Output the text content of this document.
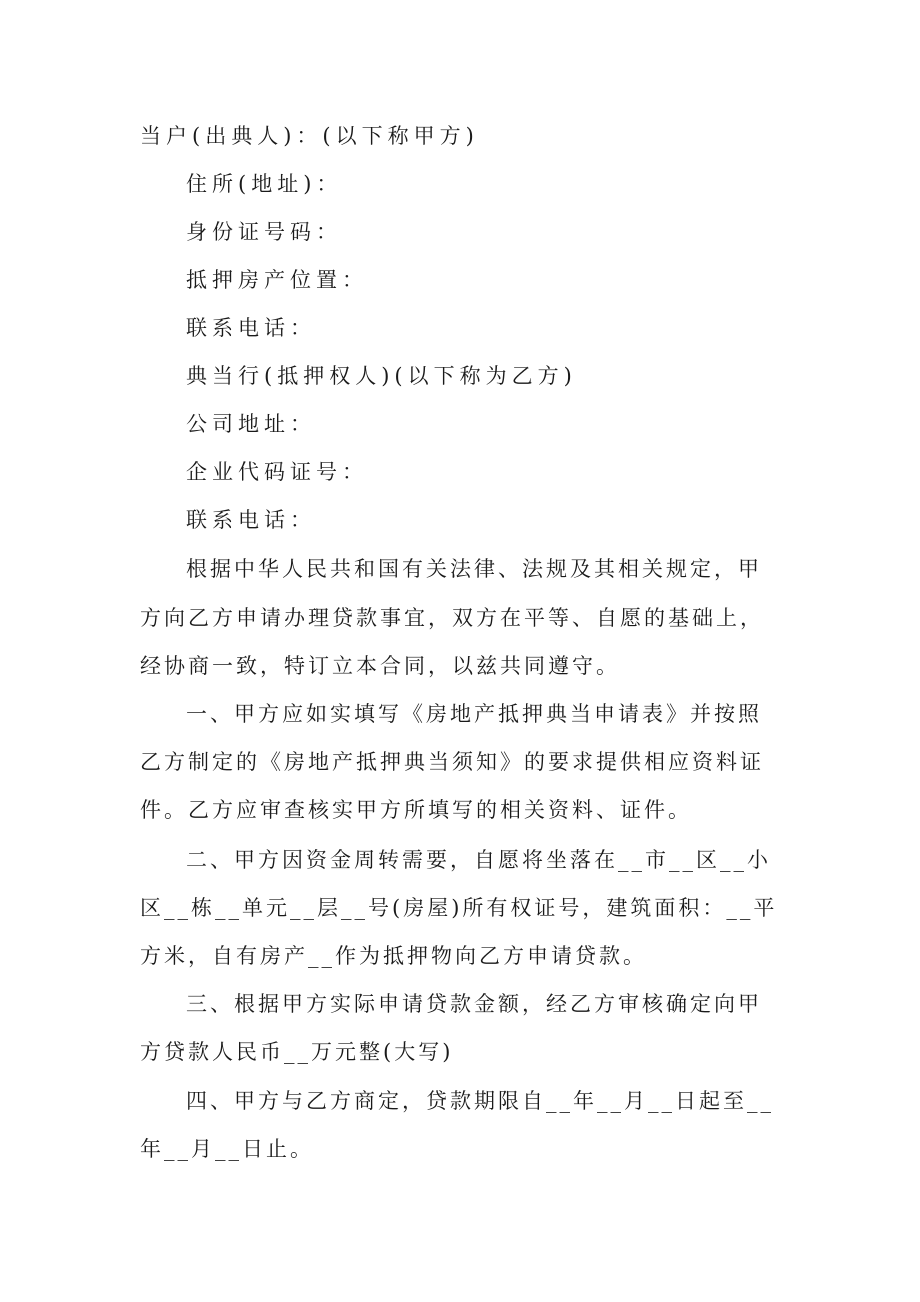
当户(出典人)：(以下称甲方)
住所(地址)：
身份证号码：
抵押房产位置：
联系电话：
典当行(抵押权人)(以下称为乙方)
公司地址：
企业代码证号：
联系电话：
根据中华人民共和国有关法律、法规及其相关规定，甲
方向乙方申请办理贷款事宜，双方在平等、自愿的基础上，
经协商一致，特订立本合同，以兹共同遵守。
一、甲方应如实填写《房地产抵押典当申请表》并按照
乙方制定的《房地产抵押典当须知》的要求提供相应资料证
件。乙方应审查核实甲方所填写的相关资料、证件。
二、甲方因资金周转需要，自愿将坐落在__市__区__小
区__栋__单元__层__号(房屋)所有权证号，建筑面积：__平
方米，自有房产__作为抵押物向乙方申请贷款。
三、根据甲方实际申请贷款金额，经乙方审核确定向甲
方贷款人民币__万元整(大写)
四、甲方与乙方商定，贷款期限自__年__月__日起至__
年__月__日止。
